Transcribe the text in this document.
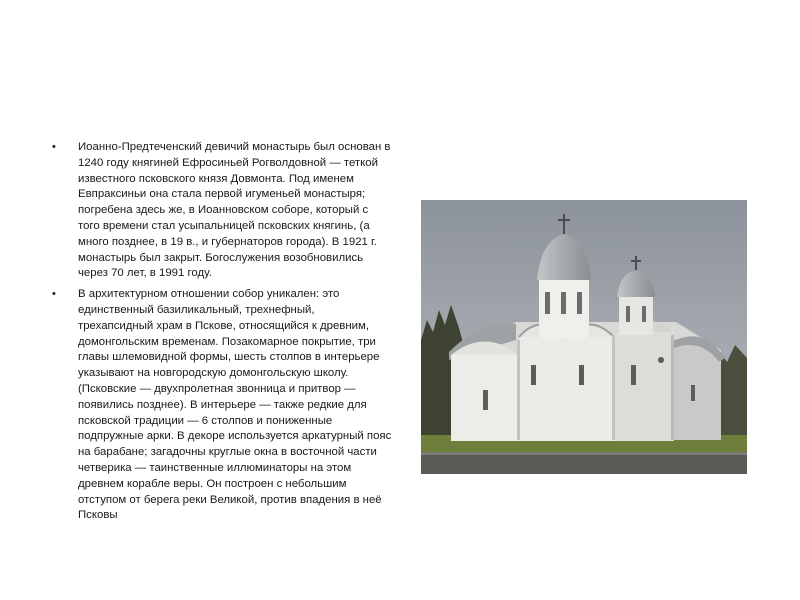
• Иоанно-Предтеченский девичий монастырь был основан в 1240 году княгиней Ефросиньей Рогволдовной — теткой известного псковского князя Довмонта. Под именем Евпраксиньи она стала первой игуменьей монастыря; погребена здесь же, в Иоанновском соборе, который с того времени стал усыпальницей псковских княгинь, (а много позднее, в 19 в., и губернаторов города). В 1921 г. монастырь был закрыт. Богослужения возобновились через 70 лет, в 1991 году.
• В архитектурном отношении собор уникален: это единственный базиликальный, трехнефный, трехапсидный храм в Пскове, относящийся к древним, домонгольским временам. Позакомарное покрытие, три главы шлемовидной формы, шесть столпов в интерьере указывают на новгородскую домонгольскую школу. (Псковские — двухпролетная звонница и притвор — появились позднее). В интерьере — также редкие для псковской традиции — 6 столпов и пониженные подпружные арки. В декоре используется аркатурный пояс на барабане; загадочны круглые окна в восточной части четверика — таинственные иллюминаторы на этом древнем корабле веры. Он построен с небольшим отступом от берега реки Великой, против впадения в неё Псковы
